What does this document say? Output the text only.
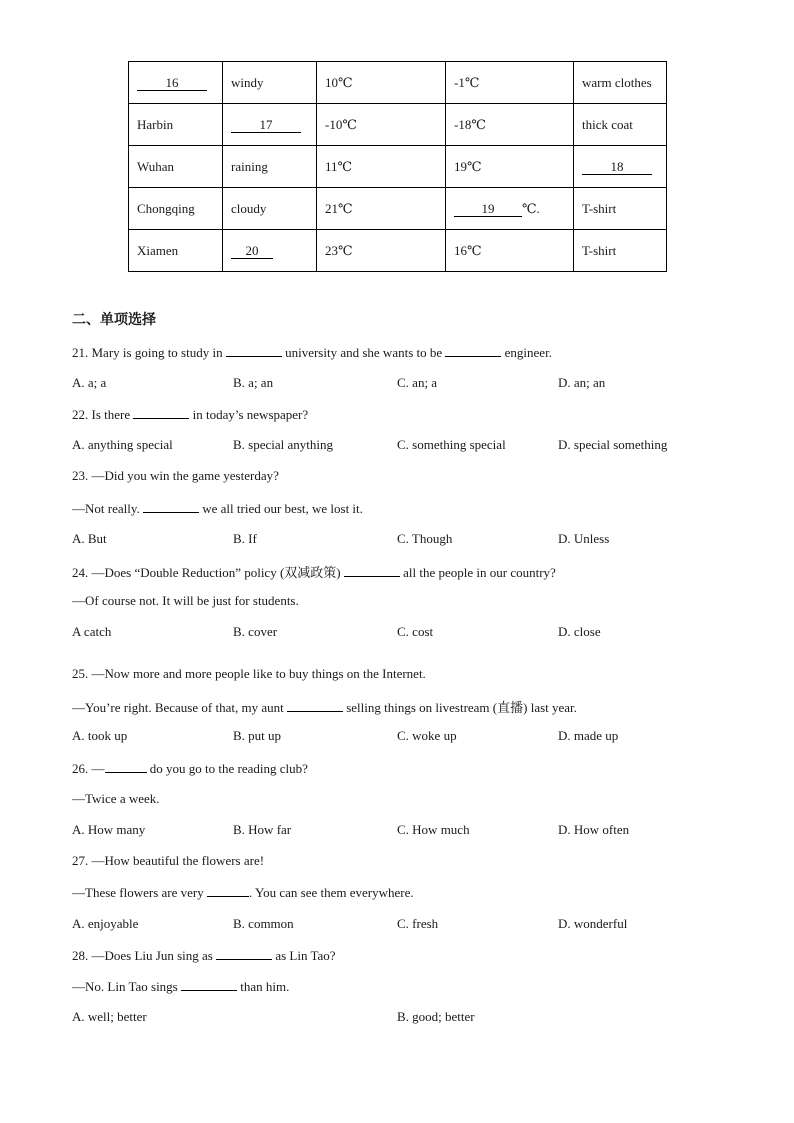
16	windy	10℃	-1℃	warm clothes
Harbin	17	-10℃	-18℃	thick coat
Wuhan	raining	11℃	19℃	18
Chongqing	cloudy	21℃	19 ℃.	T-shirt
Xiamen	20	23℃	16℃	T-shirt
二、单项选择
21. Mary is going to study in	university and she wants to be	engineer.
A. a; a	B. a; an	C. an; a	D. an; an
22. Is there	in today’s newspaper?
A. anything special	B. special anything	C. something special	D. special something
23. —Did you win the game yesterday?
—Not really.	we all tried our best, we lost it.
A. But	B. If	C. Though	D. Unless
24. —Does “Double Reduction” policy (双减政策)	all the people in our country?
—Of course not. It will be just for students.
A catch	B. cover	C. cost	D. close
25. —Now more and more people like to buy things on the Internet.
—You’re right. Because of that, my aunt	selling things on livestream (直播) last year.
A. took up	B. put up	C. woke up	D. made up
26. —	do you go to the reading club?
—Twice a week.
A. How many	B. How far	C. How much	D. How often
27. —How beautiful the flowers are!
—These flowers are very	. You can see them everywhere.
A. enjoyable	B. common	C. fresh	D. wonderful
28. —Does Liu Jun sing as	as Lin Tao?
—No. Lin Tao sings	than him.
A. well; better	B. good; better
